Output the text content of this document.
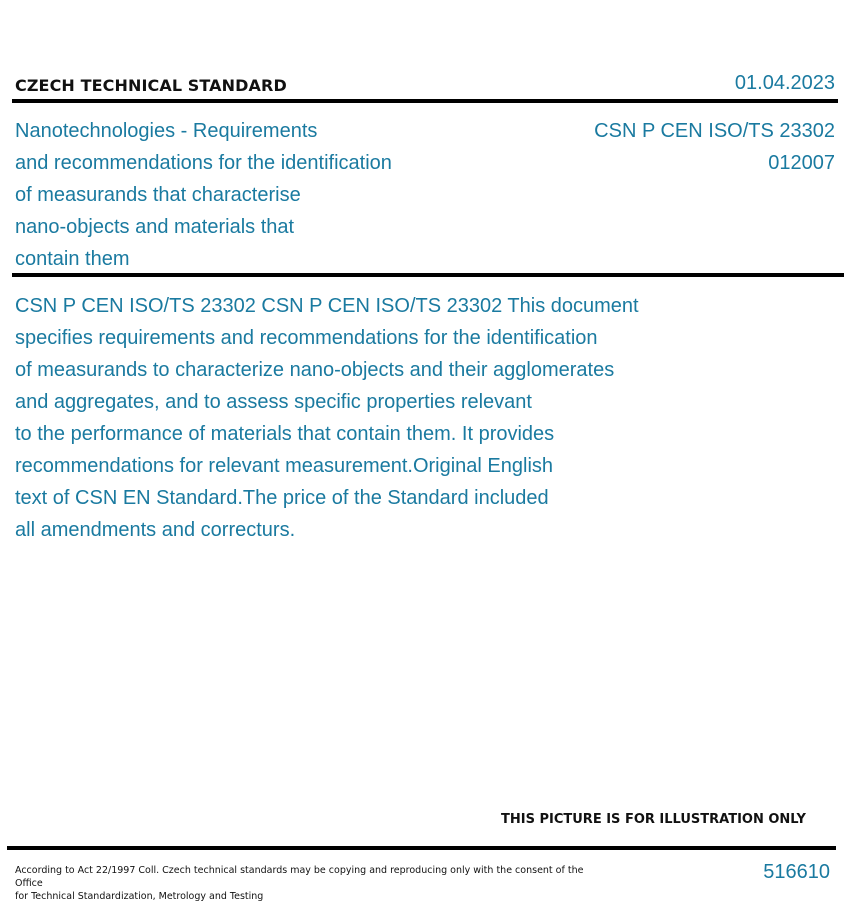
CZECH TECHNICAL STANDARD	01.04.2023
Nanotechnologies - Requirements
and recommendations for the identification
of measurands that characterise
nano-objects and materials that
contain them
CSN P CEN ISO/TS 23302
012007
CSN P CEN ISO/TS 23302 CSN P CEN ISO/TS 23302 This document
specifies requirements and recommendations for the identification
of measurands to characterize nano-objects and their agglomerates
and aggregates, and to assess specific properties relevant
to the performance of materials that contain them. It provides
recommendations for relevant measurement.Original English
text of CSN EN Standard.The price of the Standard included
all amendments and correcturs.
THIS PICTURE IS FOR ILLUSTRATION ONLY
According to Act 22/1997 Coll. Czech technical standards may be copying and reproducing only with the consent of the Office
for Technical Standardization, Metrology and Testing
516610
